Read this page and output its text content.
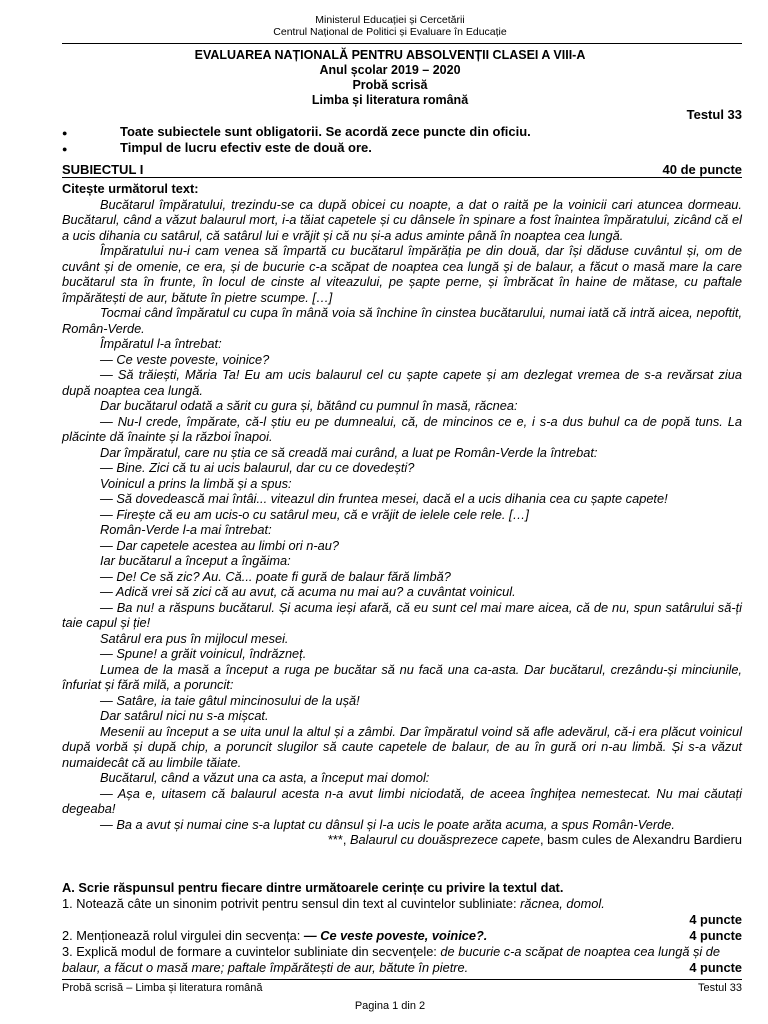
Ministerul Educației și Cercetării
Centrul Național de Politici și Evaluare în Educație
EVALUAREA NAȚIONALĂ PENTRU ABSOLVENȚII CLASEI A VIII-A
Anul școlar 2019 – 2020
Probă scrisă
Limba și literatura română
Testul 33
● Toate subiectele sunt obligatorii. Se acordă zece puncte din oficiu.
● Timpul de lucru efectiv este de două ore.
SUBIECTUL I	40 de puncte

Citește următorul text:

Bucătarul împăratului, trezindu-se ca după obicei cu noapte, a dat o raită pe la voinicii cari atuncea dormeau. Bucătarul, când a văzut balaurul mort, i-a tăiat capetele și cu dânsele în spinare a fost înaintea împăratului, zicând că el a ucis dihania cu satârul, că satârul lui e vrăjit și că nu și-a adus aminte până în noaptea cea lungă.

Împăratului nu-i cam venea să împartă cu bucătarul împărăția pe din două, dar își dăduse cuvântul și, om de cuvânt și de omenie, ce era, și de bucurie c-a scăpat de noaptea cea lungă și de balaur, a făcut o masă mare la care bucătarul sta în frunte, în locul de cinste al viteazului, pe șapte perne, și îmbrăcat în haine de mătase, cu paftale împărătești de aur, bătute în pietre scumpe. […]

Tocmai când împăratul cu cupa în mână voia să închine în cinstea bucătarului, numai iată că intră aicea, nepoftit, Român-Verde.

Împăratul l-a întrebat:

— Ce veste poveste, voinice?

— Să trăiești, Măria Ta! Eu am ucis balaurul cel cu șapte capete și am dezlegat vremea de s-a revărsat ziua după noaptea cea lungă.

Dar bucătarul odată a sărit cu gura și, bătând cu pumnul în masă, răcnea:

— Nu-l crede, împărate, că-l știu eu pe dumnealui, că, de mincinos ce e, i s-a dus buhul ca de popă tuns. La plăcinte dă înainte și la război înapoi.

Dar împăratul, care nu știa ce să creadă mai curând, a luat pe Român-Verde la întrebat:

— Bine. Zici că tu ai ucis balaurul, dar cu ce dovedești?

Voinicul a prins la limbă și a spus:

— Să dovedească mai întâi... viteazul din fruntea mesei, dacă el a ucis dihania cea cu șapte capete!

— Firește că eu am ucis-o cu satârul meu, că e vrăjit de ielele cele rele. […]

Român-Verde l-a mai întrebat:

— Dar capetele acestea au limbi ori n-au?

Iar bucătarul a început a îngăima:

— De! Ce să zic? Au. Că... poate fi gură de balaur fără limbă?

— Adică vrei să zici că au avut, că acuma nu mai au? a cuvântat voinicul.

— Ba nu! a răspuns bucătarul. Și acuma ieși afară, că eu sunt cel mai mare aicea, că de nu, spun satârului să-ți taie capul și ție!

Satârul era pus în mijlocul mesei.

— Spune! a grăit voinicul, îndrăzneț.

Lumea de la masă a început a ruga pe bucătar să nu facă una ca-asta. Dar bucătarul, crezându-și minciunile, înfuriat și fără milă, a poruncit:

— Satâre, ia taie gâtul mincinosului de la ușă!

Dar satârul nici nu s-a mișcat.

Mesenii au început a se uita unul la altul și a zâmbi. Dar împăratul voind să afle adevărul, că-i era plăcut voinicul după vorbă și după chip, a poruncit slugilor să caute capetele de balaur, de au în gură ori n-au limbă. Și s-a văzut numaidecât că au limbile tăiate.

Bucătarul, când a văzut una ca asta, a început mai domol:

— Așa e, uitasem că balaurul acesta n-a avut limbi niciodată, de aceea înghițea nemestecat. Nu mai căutați degeaba!

— Ba a avut și numai cine s-a luptat cu dânsul și l-a ucis le poate arăta acuma, a spus Român-Verde.

***, Balaurul cu douăsprezece capete, basm cules de Alexandru Bardieru

A. Scrie răspunsul pentru fiecare dintre următoarele cerințe cu privire la textul dat.

1. Notează câte un sinonim potrivit pentru sensul din text al cuvintelor subliniate: răcnea, domol.
4 puncte
2. Menționează rolul virgulei din secvența: — Ce veste poveste, voinice?.	4 puncte
3. Explică modul de formare a cuvintelor subliniate din secvențele: de bucurie c-a scăpat de noaptea cea lungă și de balaur, a făcut o masă mare; paftale împărătești de aur, bătute în pietre.	4 puncte
Probă scrisă – Limba și literatura română	Testul 33
Pagina 1 din 2
